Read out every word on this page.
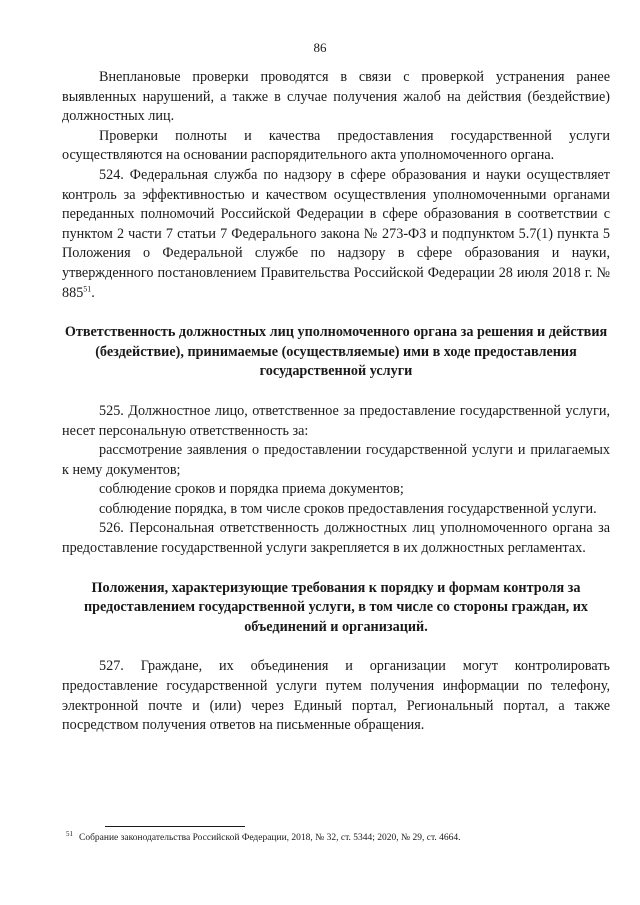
86

Внеплановые проверки проводятся в связи с проверкой устранения ранее выявленных нарушений, а также в случае получения жалоб на действия (бездействие) должностных лиц.

Проверки полноты и качества предоставления государственной услуги осуществляются на основании распорядительного акта уполномоченного органа.

524. Федеральная служба по надзору в сфере образования и науки осуществляет контроль за эффективностью и качеством осуществления уполномоченными органами переданных полномочий Российской Федерации в сфере образования в соответствии с пунктом 2 части 7 статьи 7 Федерального закона № 273-ФЗ и подпунктом 5.7(1) пункта 5 Положения о Федеральной службе по надзору в сфере образования и науки, утвержденного постановлением Правительства Российской Федерации 28 июля 2018 г. № $885^{51}$.

Ответственность должностных лиц уполномоченного органа за решения и действия (бездействие), принимаемые (осуществляемые) ими в ходе предоставления государственной услуги

525. Должностное лицо, ответственное за предоставление государственной услуги, несет персональную ответственность за:

рассмотрение заявления о предоставлении государственной услуги и прилагаемых к нему документов;

соблюдение сроков и порядка приема документов;

соблюдение порядка, в том числе сроков предоставления государственной услуги.

526. Персональная ответственность должностных лиц уполномоченного органа за предоставление государственной услуги закрепляется в их должностных регламентах.

Положения, характеризующие требования к порядку и формам контроля за предоставлением государственной услуги, в том числе со стороны граждан, их объединений и организаций.

527. Граждане, их объединения и организации могут контролировать предоставление государственной услуги путем получения информации по телефону, электронной почте и (или) через Единый портал, Региональный портал, а также посредством получения ответов на письменные обращения.

$^{51}$ Собрание законодательства Российской Федерации, 2018, № 32, ст. 5344; 2020, № 29, ст. 4664.
